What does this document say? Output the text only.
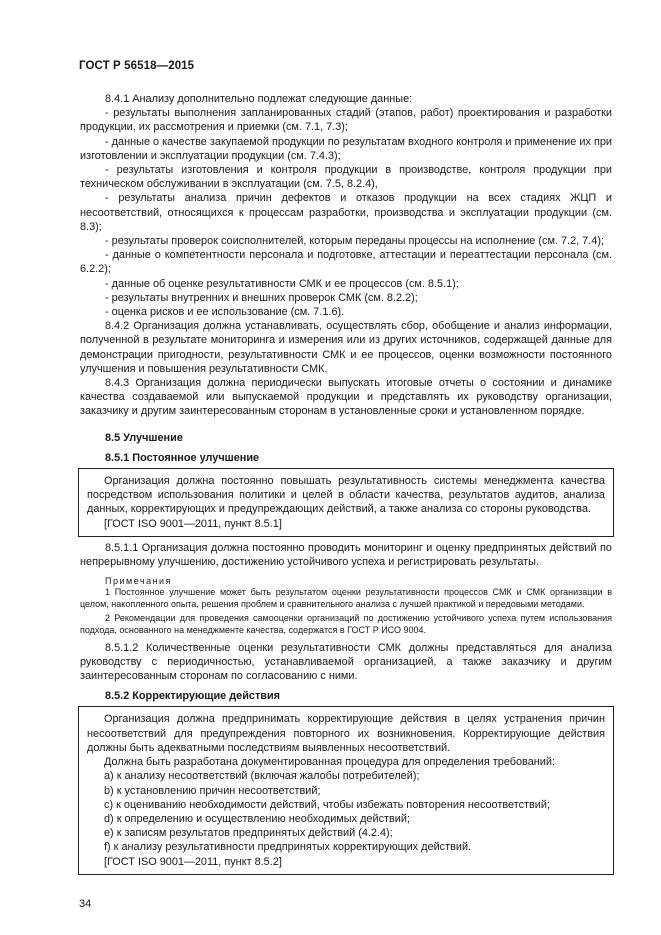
ГОСТ Р 56518—2015

8.4.1 Анализу дополнительно подлежат следующие данные:

- результаты выполнения запланированных стадий (этапов, работ) проектирования и разработки продукции, их рассмотрения и приемки (см. 7.1, 7.3);

- данные о качестве закупаемой продукции по результатам входного контроля и применение их при изготовлении и эксплуатации продукции (см. 7.4.3);

- результаты изготовления и контроля продукции в производстве, контроля продукции при техническом обслуживании в эксплуатации (см. 7.5, 8.2.4),

- результаты анализа причин дефектов и отказов продукции на всех стадиях ЖЦП и несоответствий, относящихся к процессам разработки, производства и эксплуатации продукции (см. 8.3);

- результаты проверок соисполнителей, которым переданы процессы на исполнение (см. 7.2, 7.4);

- данные о компетентности персонала и подготовке, аттестации и переаттестации персонала (см. 6.2.2);

- данные об оценке результативности СМК и ее процессов (см. 8.5.1);

- результаты внутренних и внешних проверок СМК (см. 8.2.2);

- оценка рисков и ее использование (см. 7.1.6).

8.4.2 Организация должна устанавливать, осуществлять сбор, обобщение и анализ информации, полученной в результате мониторинга и измерения или из других источников, содержащей данные для демонстрации пригодности, результативности СМК и ее процессов, оценки возможности постоянного улучшения и повышения результативности СМК.

8.4.3 Организация должна периодически выпускать итоговые отчеты о состоянии и динамике качества создаваемой или выпускаемой продукции и представлять их руководству организации, заказчику и другим заинтересованным сторонам в установленные сроки и установленном порядке.

8.5 Улучшение

8.5.1 Постоянное улучшение

Организация должна постоянно повышать результативность системы менеджмента качества посредством использования политики и целей в области качества, результатов аудитов, анализа данных, корректирующих и предупреждающих действий, а также анализа со стороны руководства.

[ГОСТ ISO 9001—2011, пункт 8.5.1]

8.5.1.1 Организация должна постоянно проводить мониторинг и оценку предпринятых действий по непрерывному улучшению, достижению устойчивого успеха и регистрировать результаты.

Примечания

1 Постоянное улучшение может быть результатом оценки результативности процессов СМК и СМК организации в целом, накопленного опыта, решения проблем и сравнительного анализа с лучшей практикой и передовыми методами.

2 Рекомендации для проведения самооценки организаций по достижению устойчивого успеха путем использования подхода, основанного на менеджменте качества, содержатся в ГОСТ Р ИСО 9004.

8.5.1.2 Количественные оценки результативности СМК должны представляться для анализа руководству с периодичностью, устанавливаемой организацией, а также заказчику и другим заинтересованным сторонам по согласованию с ними.

8.5.2 Корректирующие действия

Организация должна предпринимать корректирующие действия в целях устранения причин несоответствий для предупреждения повторного их возникновения. Корректирующие действия должны быть адекватными последствиям выявленных несоответствий.

Должна быть разработана документированная процедура для определения требований:

a) к анализу несоответствий (включая жалобы потребителей);

b) к установлению причин несоответствий;

c) к оцениванию необходимости действий, чтобы избежать повторения несоответствий;

d) к определению и осуществлению необходимых действий;

e) к записям результатов предпринятых действий (4.2.4);

f) к анализу результативности предпринятых корректирующих действий.

[ГОСТ ISO 9001—2011, пункт 8.5.2]

34
